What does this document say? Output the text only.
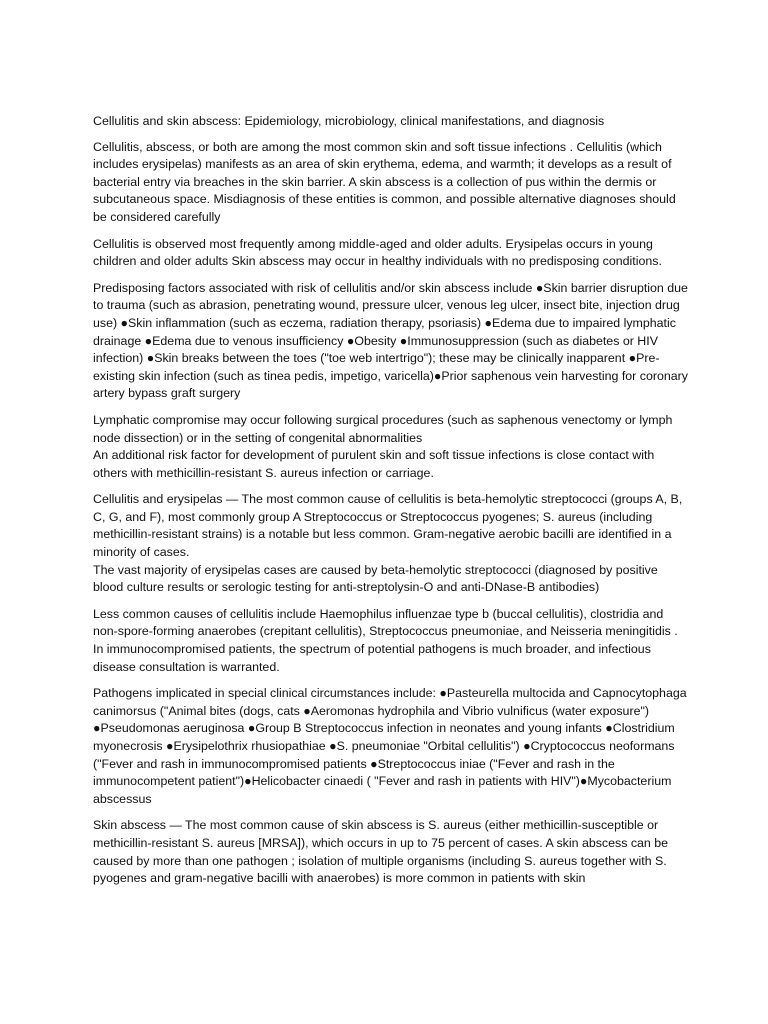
Cellulitis and skin abscess: Epidemiology, microbiology, clinical manifestations, and diagnosis

Cellulitis, abscess, or both are among the most common skin and soft tissue infections . Cellulitis (which includes erysipelas) manifests as an area of skin erythema, edema, and warmth; it develops as a result of bacterial entry via breaches in the skin barrier. A skin abscess is a collection of pus within the dermis or subcutaneous space. Misdiagnosis of these entities is common, and possible alternative diagnoses should be considered carefully

Cellulitis is observed most frequently among middle-aged and older adults. Erysipelas occurs in young children and older adults Skin abscess may occur in healthy individuals with no predisposing conditions.

Predisposing factors associated with risk of cellulitis and/or skin abscess include ●Skin barrier disruption due to trauma (such as abrasion, penetrating wound, pressure ulcer, venous leg ulcer, insect bite, injection drug use) ●Skin inflammation (such as eczema, radiation therapy, psoriasis) ●Edema due to impaired lymphatic drainage ●Edema due to venous insufficiency ●Obesity ●Immunosuppression (such as diabetes or HIV infection) ●Skin breaks between the toes ("toe web intertrigo"); these may be clinically inapparent ●Pre-existing skin infection (such as tinea pedis, impetigo, varicella)●Prior saphenous vein harvesting for coronary artery bypass graft surgery

Lymphatic compromise may occur following surgical procedures (such as saphenous venectomy or lymph node dissection) or in the setting of congenital abnormalities
An additional risk factor for development of purulent skin and soft tissue infections is close contact with others with methicillin-resistant S. aureus infection or carriage.

Cellulitis and erysipelas — The most common cause of cellulitis is beta-hemolytic streptococci (groups A, B, C, G, and F), most commonly group A Streptococcus or Streptococcus pyogenes; S. aureus (including methicillin-resistant strains) is a notable but less common. Gram-negative aerobic bacilli are identified in a minority of cases.
The vast majority of erysipelas cases are caused by beta-hemolytic streptococci (diagnosed by positive blood culture results or serologic testing for anti-streptolysin-O and anti-DNase-B antibodies)

Less common causes of cellulitis include Haemophilus influenzae type b (buccal cellulitis), clostridia and non-spore-forming anaerobes (crepitant cellulitis), Streptococcus pneumoniae, and Neisseria meningitidis . In immunocompromised patients, the spectrum of potential pathogens is much broader, and infectious disease consultation is warranted.

Pathogens implicated in special clinical circumstances include: ●Pasteurella multocida and Capnocytophaga canimorsus ("Animal bites (dogs, cats ●Aeromonas hydrophila and Vibrio vulnificus (water exposure") ●Pseudomonas aeruginosa ●Group B Streptococcus infection in neonates and young infants ●Clostridium myonecrosis ●Erysipelothrix rhusiopathiae ●S. pneumoniae "Orbital cellulitis") ●Cryptococcus neoformans ("Fever and rash in immunocompromised patients ●Streptococcus iniae ("Fever and rash in the immunocompetent patient")●Helicobacter cinaedi ( "Fever and rash in patients with HIV")●Mycobacterium abscessus

Skin abscess — The most common cause of skin abscess is S. aureus (either methicillin-susceptible or methicillin-resistant S. aureus [MRSA]), which occurs in up to 75 percent of cases. A skin abscess can be caused by more than one pathogen ; isolation of multiple organisms (including S. aureus together with S. pyogenes and gram-negative bacilli with anaerobes) is more common in patients with skin
